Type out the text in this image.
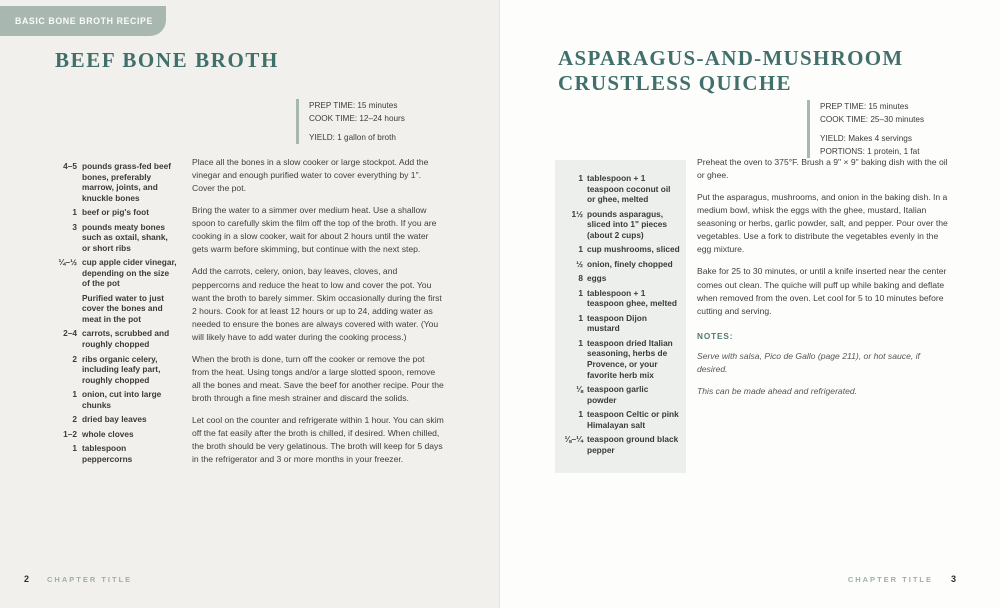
BASIC BONE BROTH RECIPE
BEEF BONE BROTH
PREP TIME: 15 minutes
COOK TIME: 12–24 hours
YIELD: 1 gallon of broth
4–5 pounds grass-fed beef bones, preferably marrow, joints, and knuckle bones
1 beef or pig's foot
3 pounds meaty bones such as oxtail, shank, or short ribs
¼–½ cup apple cider vinegar, depending on the size of the pot
Purified water to just cover the bones and meat in the pot
2–4 carrots, scrubbed and roughly chopped
2 ribs organic celery, including leafy part, roughly chopped
1 onion, cut into large chunks
2 dried bay leaves
1–2 whole cloves
1 tablespoon peppercorns

Place all the bones in a slow cooker or large stockpot. Add the vinegar and enough purified water to cover everything by 1". Cover the pot.

Bring the water to a simmer over medium heat. Use a shallow spoon to carefully skim the film off the top of the broth. If you are cooking in a slow cooker, wait for about 2 hours until the water gets warm before skimming, but continue with the next step.

Add the carrots, celery, onion, bay leaves, cloves, and peppercorns and reduce the heat to low and cover the pot. You want the broth to barely simmer. Skim occasionally during the first 2 hours. Cook for at least 12 hours or up to 24, adding water as needed to ensure the bones are always covered with water. (You will likely have to add water during the cooking process.)

When the broth is done, turn off the cooker or remove the pot from the heat. Using tongs and/or a large slotted spoon, remove all the bones and meat. Save the beef for another recipe. Pour the broth through a fine mesh strainer and discard the solids.

Let cool on the counter and refrigerate within 1 hour. You can skim off the fat easily after the broth is chilled, if desired. When chilled, the broth should be very gelatinous. The broth will keep for 5 days in the refrigerator and 3 or more months in your freezer.

2 CHAPTER TITLE
ASPARAGUS-AND-MUSHROOM
CRUSTLESS QUICHE
PREP TIME: 15 minutes
COOK TIME: 25–30 minutes
YIELD: Makes 4 servings
PORTIONS: 1 protein, 1 fat
1 tablespoon + 1 teaspoon coconut oil or ghee, melted
1½ pounds asparagus, sliced into 1" pieces (about 2 cups)
1 cup mushrooms, sliced
½ onion, finely chopped
8 eggs
1 tablespoon + 1 teaspoon ghee, melted
1 teaspoon Dijon mustard
1 teaspoon dried Italian seasoning, herbs de Provence, or your favorite herb mix
⅛ teaspoon garlic powder
1 teaspoon Celtic or pink Himalayan salt
⅛–¼ teaspoon ground black pepper

Preheat the oven to 375°F. Brush a 9" × 9" baking dish with the oil or ghee.

Put the asparagus, mushrooms, and onion in the baking dish. In a medium bowl, whisk the eggs with the ghee, mustard, Italian seasoning or herbs, garlic powder, salt, and pepper. Pour over the vegetables. Use a fork to distribute the vegetables evenly in the egg mixture.

Bake for 25 to 30 minutes, or until a knife inserted near the center comes out clean. The quiche will puff up while baking and deflate when removed from the oven. Let cool for 5 to 10 minutes before cutting and serving.

NOTES:

Serve with salsa, Pico de Gallo (page 211), or hot sauce, if desired.

This can be made ahead and refrigerated.

CHAPTER TITLE 3
